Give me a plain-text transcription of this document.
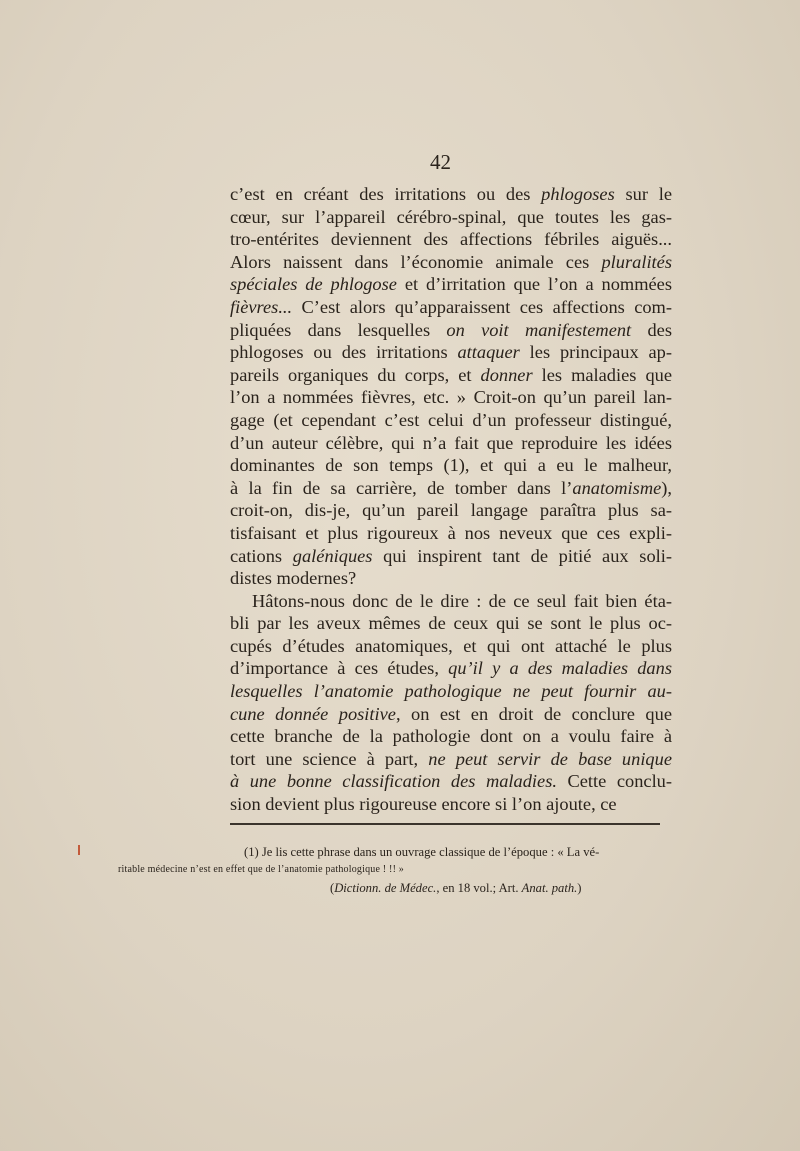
42
c’est en créant des irritations ou des phlogoses sur le
cœur, sur l’appareil cérébro-spinal, que toutes les gas-
tro-entérites deviennent des affections fébriles aiguës...
Alors naissent dans l’économie animale ces pluralités
spéciales de phlogose et d’irritation que l’on a nommées
fièvres... C’est alors qu’apparaissent ces affections com-
pliquées dans lesquelles on voit manifestement des
phlogoses ou des irritations attaquer les principaux ap-
pareils organiques du corps, et donner les maladies que
l’on a nommées fièvres, etc. » Croit-on qu’un pareil lan-
gage (et cependant c’est celui d’un professeur distingué,
d’un auteur célèbre, qui n’a fait que reproduire les idées
dominantes de son temps (1), et qui a eu le malheur,
à la fin de sa carrière, de tomber dans l’anatomisme),
croit-on, dis-je, qu’un pareil langage paraîtra plus sa-
tisfaisant et plus rigoureux à nos neveux que ces expli-
cations galéniques qui inspirent tant de pitié aux soli-
distes modernes?
Hâtons-nous donc de le dire : de ce seul fait bien éta-
bli par les aveux mêmes de ceux qui se sont le plus oc-
cupés d’études anatomiques, et qui ont attaché le plus
d’importance à ces études, qu’il y a des maladies dans
lesquelles l’anatomie pathologique ne peut fournir au-
cune donnée positive, on est en droit de conclure que
cette branche de la pathologie dont on a voulu faire à
tort une science à part, ne peut servir de base unique
à une bonne classification des maladies. Cette conclu-
sion devient plus rigoureuse encore si l’on ajoute, ce
(1) Je lis cette phrase dans un ouvrage classique de l’époque : « La vé-
ritable médecine n’est en effet que de l’anatomie pathologique ! !! »
(Dictionn. de Médec., en 18 vol.; Art. Anat. path.)
